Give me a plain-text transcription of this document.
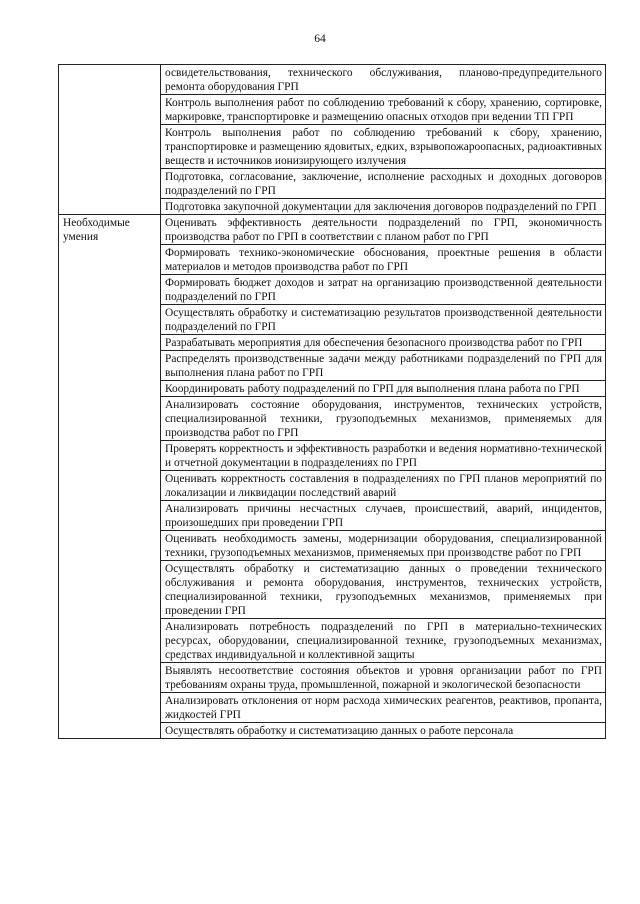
64
	освидетельствования, технического обслуживания, планово-предупредительного ремонта оборудования ГРП
	Контроль выполнения работ по соблюдению требований к сбору, хранению, сортировке, маркировке, транспортировке и размещению опасных отходов при ведении ТП ГРП
	Контроль выполнения работ по соблюдению требований к сбору, хранению, транспортировке и размещению ядовитых, едких, взрывопожароопасных, радиоактивных веществ и источников ионизирующего излучения
	Подготовка, согласование, заключение, исполнение расходных и доходных договоров подразделений по ГРП
	Подготовка закупочной документации для заключения договоров подразделений по ГРП
Необходимые умения	Оценивать эффективность деятельности подразделений по ГРП, экономичность производства работ по ГРП в соответствии с планом работ по ГРП
	Формировать технико-экономические обоснования, проектные решения в области материалов и методов производства работ по ГРП
	Формировать бюджет доходов и затрат на организацию производственной деятельности подразделений по ГРП
	Осуществлять обработку и систематизацию результатов производственной деятельности подразделений по ГРП
	Разрабатывать мероприятия для обеспечения безопасного производства работ по ГРП
	Распределять производственные задачи между работниками подразделений по ГРП для выполнения плана работ по ГРП
	Координировать работу подразделений по ГРП для выполнения плана работа по ГРП
	Анализировать состояние оборудования, инструментов, технических устройств, специализированной техники, грузоподъемных механизмов, применяемых для производства работ по ГРП
	Проверять корректность и эффективность разработки и ведения нормативно-технической и отчетной документации в подразделениях по ГРП
	Оценивать корректность составления в подразделениях по ГРП планов мероприятий по локализации и ликвидации последствий аварий
	Анализировать причины несчастных случаев, происшествий, аварий, инцидентов, произошедших при проведении ГРП
	Оценивать необходимость замены, модернизации оборудования, специализированной техники, грузоподъемных механизмов, применяемых при производстве работ по ГРП
	Осуществлять обработку и систематизацию данных о проведении технического обслуживания и ремонта оборудования, инструментов, технических устройств, специализированной техники, грузоподъемных механизмов, применяемых при проведении ГРП
	Анализировать потребность подразделений по ГРП в материально-технических ресурсах, оборудовании, специализированной технике, грузоподъемных механизмах, средствах индивидуальной и коллективной защиты
	Выявлять несоответствие состояния объектов и уровня организации работ по ГРП требованиям охраны труда, промышленной, пожарной и экологической безопасности
	Анализировать отклонения от норм расхода химических реагентов, реактивов, пропанта, жидкостей ГРП
	Осуществлять обработку и систематизацию данных о работе персонала
